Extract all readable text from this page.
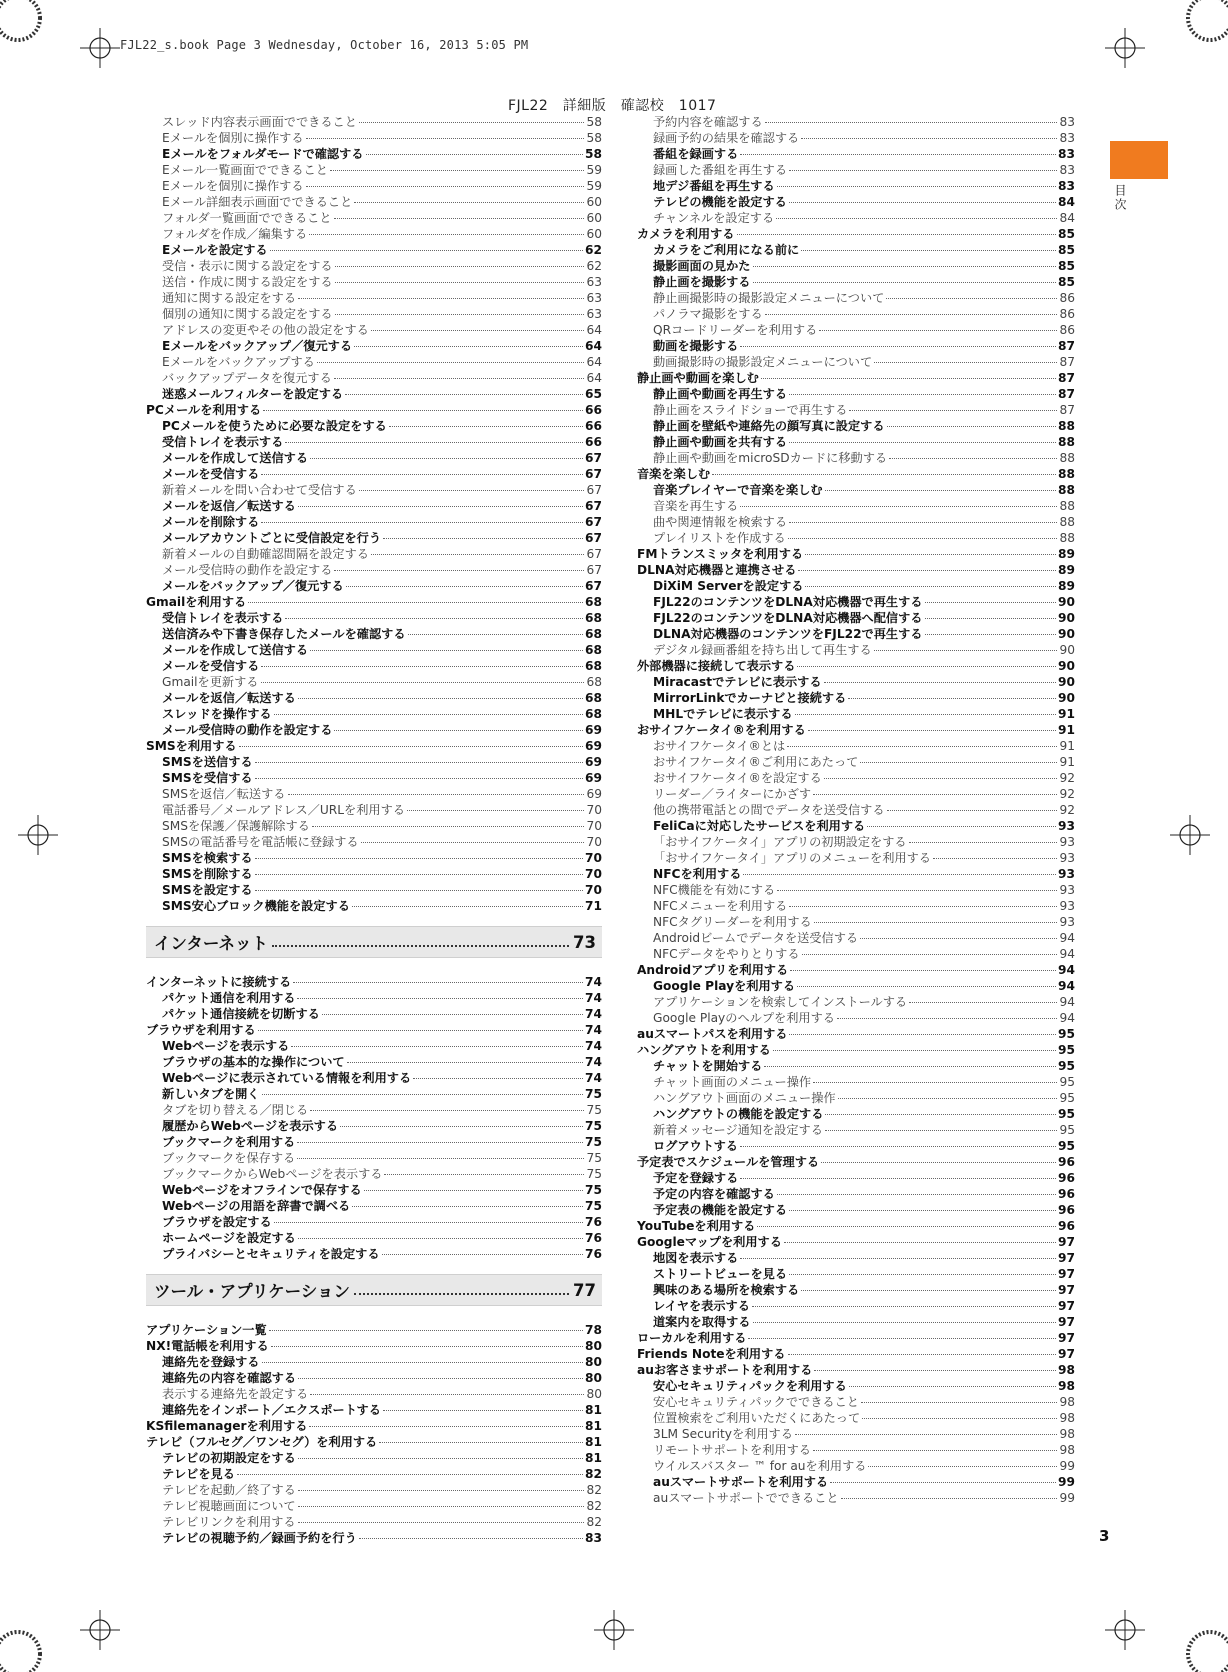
FJL22_s.book Page 3 Wednesday, October 16, 2013 5:05 PM
FJL22　詳細版　確認校　1017
目次
スレッド内容表示画面でできること	58
Eメールを個別に操作する	58
Eメールをフォルダモードで確認する	58
Eメール一覧画面でできること	59
Eメールを個別に操作する	59
Eメール詳細表示画面でできること	60
フォルダ一覧画面でできること	60
フォルダを作成／編集する	60
Eメールを設定する	62
受信・表示に関する設定をする	62
送信・作成に関する設定をする	63
通知に関する設定をする	63
個別の通知に関する設定をする	63
アドレスの変更やその他の設定をする	64
Eメールをバックアップ／復元する	64
Eメールをバックアップする	64
バックアップデータを復元する	64
迷惑メールフィルターを設定する	65
PCメールを利用する	66
PCメールを使うために必要な設定をする	66
受信トレイを表示する	66
メールを作成して送信する	67
メールを受信する	67
新着メールを問い合わせて受信する	67
メールを返信／転送する	67
メールを削除する	67
メールアカウントごとに受信設定を行う	67
新着メールの自動確認間隔を設定する	67
メール受信時の動作を設定する	67
メールをバックアップ／復元する	67
Gmailを利用する	68
受信トレイを表示する	68
送信済みや下書き保存したメールを確認する	68
メールを作成して送信する	68
メールを受信する	68
Gmailを更新する	68
メールを返信／転送する	68
スレッドを操作する	68
メール受信時の動作を設定する	69
SMSを利用する	69
SMSを送信する	69
SMSを受信する	69
SMSを返信／転送する	69
電話番号／メールアドレス／URLを利用する	70
SMSを保護／保護解除する	70
SMSの電話番号を電話帳に登録する	70
SMSを検索する	70
SMSを削除する	70
SMSを設定する	70
SMS安心ブロック機能を設定する	71
インターネット	73
インターネットに接続する	74
パケット通信を利用する	74
パケット通信接続を切断する	74
ブラウザを利用する	74
Webページを表示する	74
ブラウザの基本的な操作について	74
Webページに表示されている情報を利用する	74
新しいタブを開く	75
タブを切り替える／閉じる	75
履歴からWebページを表示する	75
ブックマークを利用する	75
ブックマークを保存する	75
ブックマークからWebページを表示する	75
Webページをオフラインで保存する	75
Webページの用語を辞書で調べる	75
ブラウザを設定する	76
ホームページを設定する	76
プライバシーとセキュリティを設定する	76
ツール・アプリケーション	77
アプリケーション一覧	78
NX!電話帳を利用する	80
連絡先を登録する	80
連絡先の内容を確認する	80
表示する連絡先を設定する	80
連絡先をインポート／エクスポートする	81
KSfilemanagerを利用する	81
テレビ（フルセグ／ワンセグ）を利用する	81
テレビの初期設定をする	81
テレビを見る	82
テレビを起動／終了する	82
テレビ視聴画面について	82
テレビリンクを利用する	82
テレビの視聴予約／録画予約を行う	83
予約内容を確認する	83
録画予約の結果を確認する	83
番組を録画する	83
録画した番組を再生する	83
地デジ番組を再生する	83
テレビの機能を設定する	84
チャンネルを設定する	84
カメラを利用する	85
カメラをご利用になる前に	85
撮影画面の見かた	85
静止画を撮影する	85
静止画撮影時の撮影設定メニューについて	86
パノラマ撮影をする	86
QRコードリーダーを利用する	86
動画を撮影する	87
動画撮影時の撮影設定メニューについて	87
静止画や動画を楽しむ	87
静止画や動画を再生する	87
静止画をスライドショーで再生する	87
静止画を壁紙や連絡先の顔写真に設定する	88
静止画や動画を共有する	88
静止画や動画をmicroSDカードに移動する	88
音楽を楽しむ	88
音楽プレイヤーで音楽を楽しむ	88
音楽を再生する	88
曲や関連情報を検索する	88
プレイリストを作成する	88
FMトランスミッタを利用する	89
DLNA対応機器と連携させる	89
DiXiM Serverを設定する	89
FJL22のコンテンツをDLNA対応機器で再生する	90
FJL22のコンテンツをDLNA対応機器へ配信する	90
DLNA対応機器のコンテンツをFJL22で再生する	90
デジタル録画番組を持ち出して再生する	90
外部機器に接続して表示する	90
Miracastでテレビに表示する	90
MirrorLinkでカーナビと接続する	90
MHLでテレビに表示する	91
おサイフケータイ®を利用する	91
おサイフケータイ®とは	91
おサイフケータイ®ご利用にあたって	91
おサイフケータイ®を設定する	92
リーダー／ライターにかざす	92
他の携帯電話との間でデータを送受信する	92
FeliCaに対応したサービスを利用する	93
「おサイフケータイ」アプリの初期設定をする	93
「おサイフケータイ」アプリのメニューを利用する	93
NFCを利用する	93
NFC機能を有効にする	93
NFCメニューを利用する	93
NFCタグリーダーを利用する	93
Androidビームでデータを送受信する	94
NFCデータをやりとりする	94
Androidアプリを利用する	94
Google Playを利用する	94
アプリケーションを検索してインストールする	94
Google Playのヘルプを利用する	94
auスマートパスを利用する	95
ハングアウトを利用する	95
チャットを開始する	95
チャット画面のメニュー操作	95
ハングアウト画面のメニュー操作	95
ハングアウトの機能を設定する	95
新着メッセージ通知を設定する	95
ログアウトする	95
予定表でスケジュールを管理する	96
予定を登録する	96
予定の内容を確認する	96
予定表の機能を設定する	96
YouTubeを利用する	96
Googleマップを利用する	97
地図を表示する	97
ストリートビューを見る	97
興味のある場所を検索する	97
レイヤを表示する	97
道案内を取得する	97
ローカルを利用する	97
Friends Noteを利用する	97
auお客さまサポートを利用する	98
安心セキュリティパックを利用する	98
安心セキュリティパックでできること	98
位置検索をご利用いただくにあたって	98
3LM Securityを利用する	98
リモートサポートを利用する	98
ウイルスバスター ™ for auを利用する	99
auスマートサポートを利用する	99
auスマートサポートでできること	99
3
